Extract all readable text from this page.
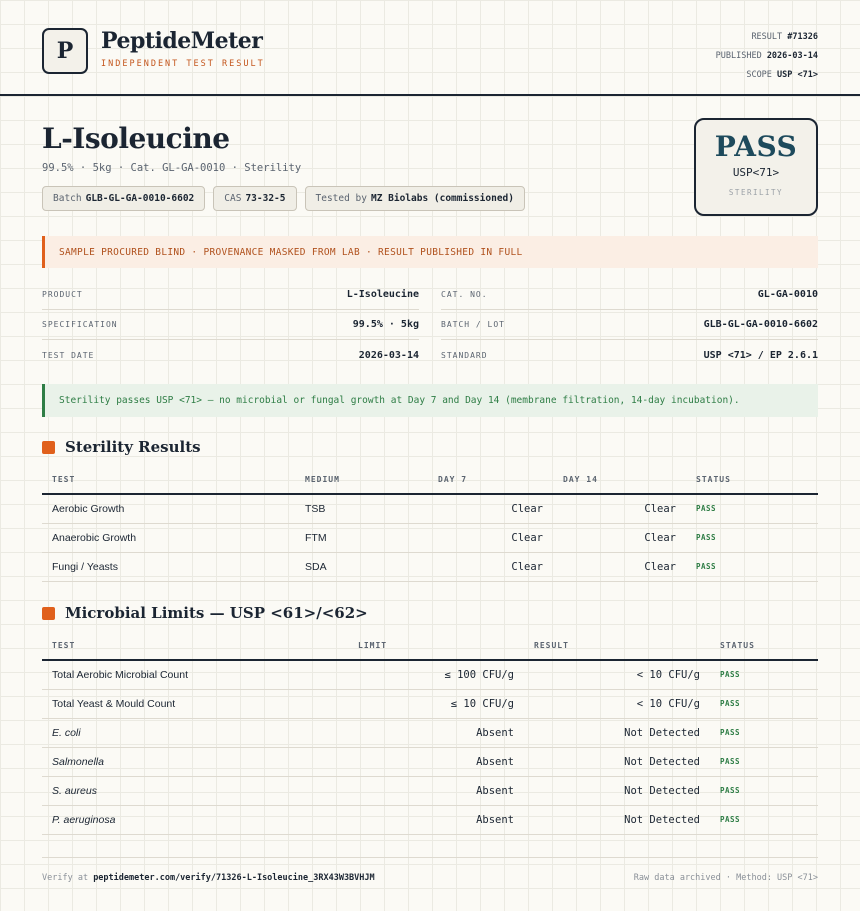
P	PeptideMeter
INDEPENDENT TEST RESULT
RESULT #71326
PUBLISHED 2026-03-14
SCOPE USP <71>
L-Isoleucine
99.5% · 5kg · Cat. GL-GA-0010 · Sterility
Batch GLB-GL-GA-0010-6602	CAS 73-32-5	Tested by MZ Biolabs (commissioned)
PASS
USP<71>
STERILITY
SAMPLE PROCURED BLIND · PROVENANCE MASKED FROM LAB · RESULT PUBLISHED IN FULL
PRODUCT	L-Isoleucine	CAT. NO.	GL-GA-0010
SPECIFICATION	99.5% · 5kg	BATCH / LOT	GLB-GL-GA-0010-6602
TEST DATE	2026-03-14	STANDARD	USP <71> / EP 2.6.1
Sterility passes USP <71> — no microbial or fungal growth at Day 7 and Day 14 (membrane filtration, 14-day incubation).
Sterility Results
TEST	MEDIUM	DAY 7	DAY 14	STATUS
Aerobic Growth	TSB	Clear	Clear	PASS
Anaerobic Growth	FTM	Clear	Clear	PASS
Fungi / Yeasts	SDA	Clear	Clear	PASS
Microbial Limits — USP <61>/<62>
TEST	LIMIT	RESULT	STATUS
Total Aerobic Microbial Count	≤ 100 CFU/g	< 10 CFU/g	PASS
Total Yeast & Mould Count	≤ 10 CFU/g	< 10 CFU/g	PASS
E. coli	Absent	Not Detected	PASS
Salmonella	Absent	Not Detected	PASS
S. aureus	Absent	Not Detected	PASS
P. aeruginosa	Absent	Not Detected	PASS
Verify at peptidemeter.com/verify/71326-L-Isoleucine_3RX43W3BVHJM	Raw data archived · Method: USP <71>
